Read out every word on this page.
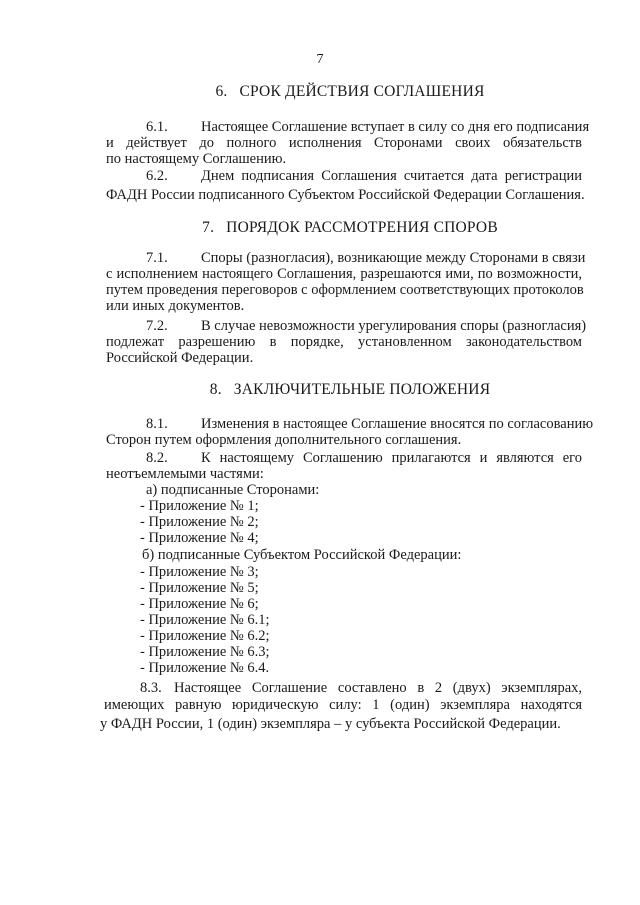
7
6. СРОК ДЕЙСТВИЯ СОГЛАШЕНИЯ
6.1. Настоящее Соглашение вступает в силу со дня его подписания
и действует до полного исполнения Сторонами своих обязательств
по настоящему Соглашению.
6.2. Днем подписания Соглашения считается дата регистрации
ФАДН России подписанного Субъектом Российской Федерации Соглашения.
7. ПОРЯДОК РАССМОТРЕНИЯ СПОРОВ
7.1. Споры (разногласия), возникающие между Сторонами в связи
с исполнением настоящего Соглашения, разрешаются ими, по возможности,
путем проведения переговоров с оформлением соответствующих протоколов
или иных документов.
7.2. В случае невозможности урегулирования споры (разногласия)
подлежат разрешению в порядке, установленном законодательством
Российской Федерации.
8. ЗАКЛЮЧИТЕЛЬНЫЕ ПОЛОЖЕНИЯ
8.1. Изменения в настоящее Соглашение вносятся по согласованию
Сторон путем оформления дополнительного соглашения.
8.2. К настоящему Соглашению прилагаются и являются его
неотъемлемыми частями:
а) подписанные Сторонами:
- Приложение № 1;
- Приложение № 2;
- Приложение № 4;
б) подписанные Субъектом Российской Федерации:
- Приложение № 3;
- Приложение № 5;
- Приложение № 6;
- Приложение № 6.1;
- Приложение № 6.2;
- Приложение № 6.3;
- Приложение № 6.4.
8.3. Настоящее Соглашение составлено в 2 (двух) экземплярах,
имеющих равную юридическую силу: 1 (один) экземпляра находятся
у ФАДН России, 1 (один) экземпляра – у субъекта Российской Федерации.
